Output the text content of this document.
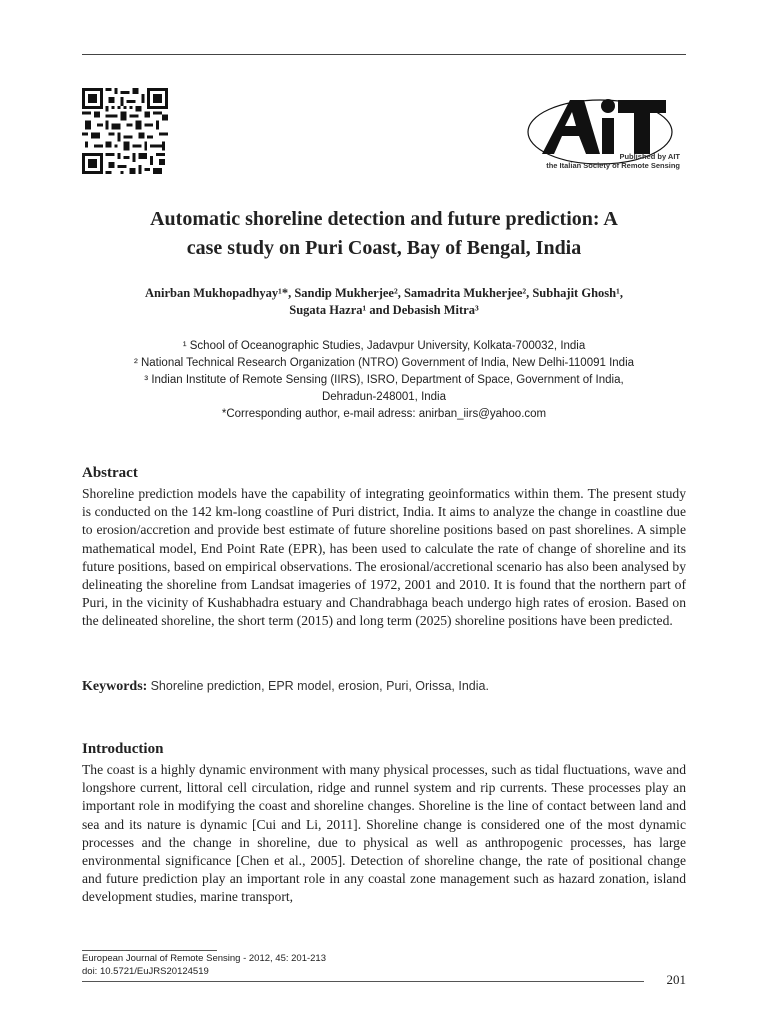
Published by AIT
the Italian Society of Remote Sensing
Automatic shoreline detection and future prediction: A
case study on Puri Coast, Bay of Bengal, India
Anirban Mukhopadhyay¹*, Sandip Mukherjee², Samadrita Mukherjee², Subhajit Ghosh¹,
Sugata Hazra¹ and Debasish Mitra³
¹ School of Oceanographic Studies, Jadavpur University, Kolkata-700032, India
² National Technical Research Organization (NTRO) Government of India, New Delhi-110091 India
³ Indian Institute of Remote Sensing (IIRS), ISRO, Department of Space, Government of India,
Dehradun-248001, India
*Corresponding author, e-mail adress: anirban_iirs@yahoo.com
Abstract
Shoreline prediction models have the capability of integrating geoinformatics within them. The present study is conducted on the 142 km-long coastline of Puri district, India. It aims to analyze the change in coastline due to erosion/accretion and provide best estimate of future shoreline positions based on past shorelines. A simple mathematical model, End Point Rate (EPR), has been used to calculate the rate of change of shoreline and its future positions, based on empirical observations. The erosional/accretional scenario has also been analysed by delineating the shoreline from Landsat imageries of 1972, 2001 and 2010. It is found that the northern part of Puri, in the vicinity of Kushabhadra estuary and Chandrabhaga beach undergo high rates of erosion. Based on the delineated shoreline, the short term (2015) and long term (2025) shoreline positions have been predicted.
Keywords: Shoreline prediction, EPR model, erosion, Puri, Orissa, India.
Introduction
The coast is a highly dynamic environment with many physical processes, such as tidal fluctuations, wave and longshore current, littoral cell circulation, ridge and runnel system and rip currents. These processes play an important role in modifying the coast and shoreline changes. Shoreline is the line of contact between land and sea and its nature is dynamic [Cui and Li, 2011]. Shoreline change is considered one of the most dynamic processes and the change in shoreline, due to physical as well as anthropogenic processes, has large environmental significance [Chen et al., 2005]. Detection of shoreline change, the rate of positional change and future prediction play an important role in any coastal zone management such as hazard zonation, island development studies, marine transport,
European Journal of Remote Sensing - 2012, 45: 201-213
doi: 10.5721/EuJRS20124519
201
